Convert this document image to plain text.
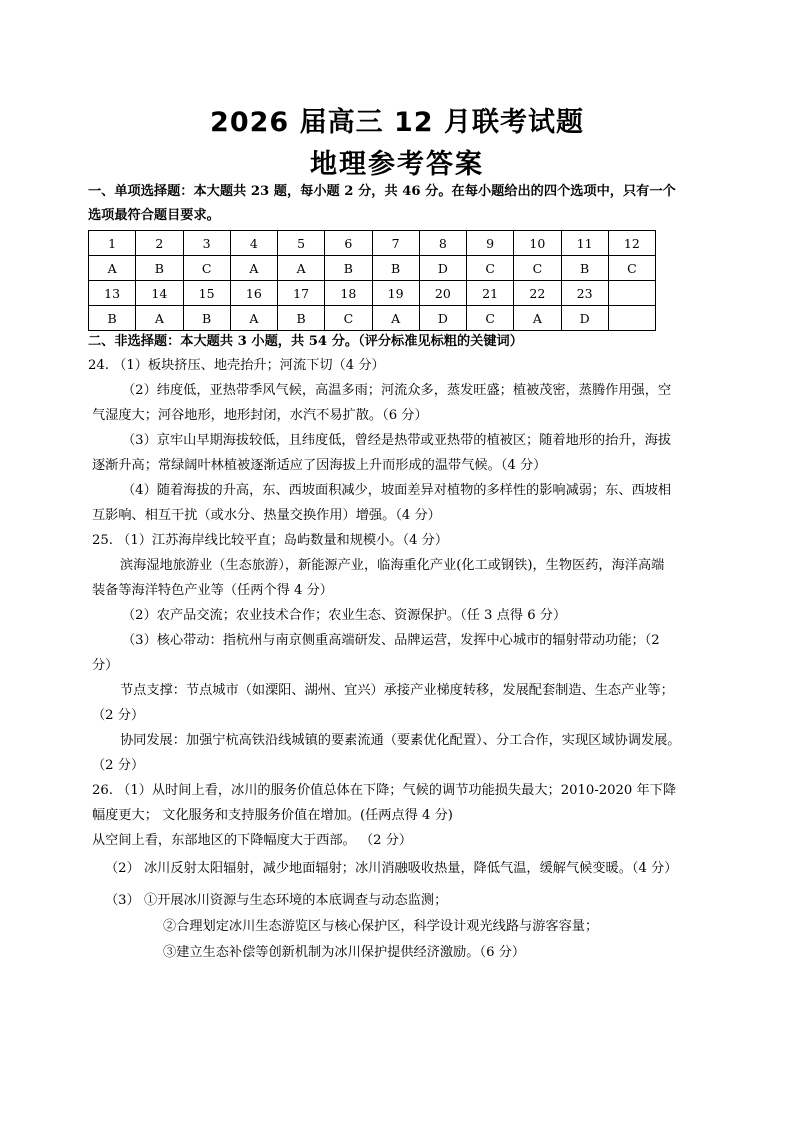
2026 届高三 12 月联考试题
地理参考答案
一、单项选择题：本大题共 23 题，每小题 2 分，共 46 分。在每小题给出的四个选项中，只有一个
选项最符合题目要求。
1	2	3	4	5	6	7	8	9	10	11	12
A	B	C	A	A	B	B	D	C	C	B	C
13	14	15	16	17	18	19	20	21	22	23	
B	A	B	A	B	C	A	D	C	A	D	
二、非选择题：本大题共 3 小题，共 54 分。（评分标准见标粗的关键词）
24. （1）板块挤压、地壳抬升；河流下切（4 分）
（2）纬度低，亚热带季风气候，高温多雨；河流众多，蒸发旺盛；植被茂密，蒸腾作用强，空
气湿度大；河谷地形，地形封闭，水汽不易扩散。（6 分）
（3）京牢山早期海拔较低，且纬度低，曾经是热带或亚热带的植被区；随着地形的抬升，海拔
逐渐升高；常绿阔叶林植被逐渐适应了因海拔上升而形成的温带气候。（4 分）
（4）随着海拔的升高，东、西坡面积减少，坡面差异对植物的多样性的影响减弱；东、西坡相
互影响、相互干扰（或水分、热量交换作用）增强。（4 分）
25. （1）江苏海岸线比较平直；岛屿数量和规模小。（4 分）
滨海湿地旅游业（生态旅游），新能源产业，临海重化产业(化工或钢铁)，生物医药，海洋高端
装备等海洋特色产业等（任两个得 4 分）
（2）农产品交流；农业技术合作；农业生态、资源保护。（任 3 点得 6 分）
（3）核心带动：指杭州与南京侧重高端研发、品牌运营，发挥中心城市的辐射带动功能；（2
分）
节点支撑：节点城市（如溧阳、湖州、宜兴）承接产业梯度转移，发展配套制造、生态产业等；
（2 分）
协同发展：加强宁杭高铁沿线城镇的要素流通（要素优化配置）、分工合作，实现区域协调发展。
（2 分）
26. （1）从时间上看，冰川的服务价值总体在下降；气候的调节功能损失最大；2010-2020 年下降
幅度更大； 文化服务和支持服务价值在增加。(任两点得 4 分)
从空间上看，东部地区的下降幅度大于西部。 （2 分）
（2） 冰川反射太阳辐射，减少地面辐射；冰川消融吸收热量，降低气温，缓解气候变暖。（4 分）
（3） ①开展冰川资源与生态环境的本底调查与动态监测；
②合理划定冰川生态游览区与核心保护区，科学设计观光线路与游客容量；
③建立生态补偿等创新机制为冰川保护提供经济激励。（6 分）
